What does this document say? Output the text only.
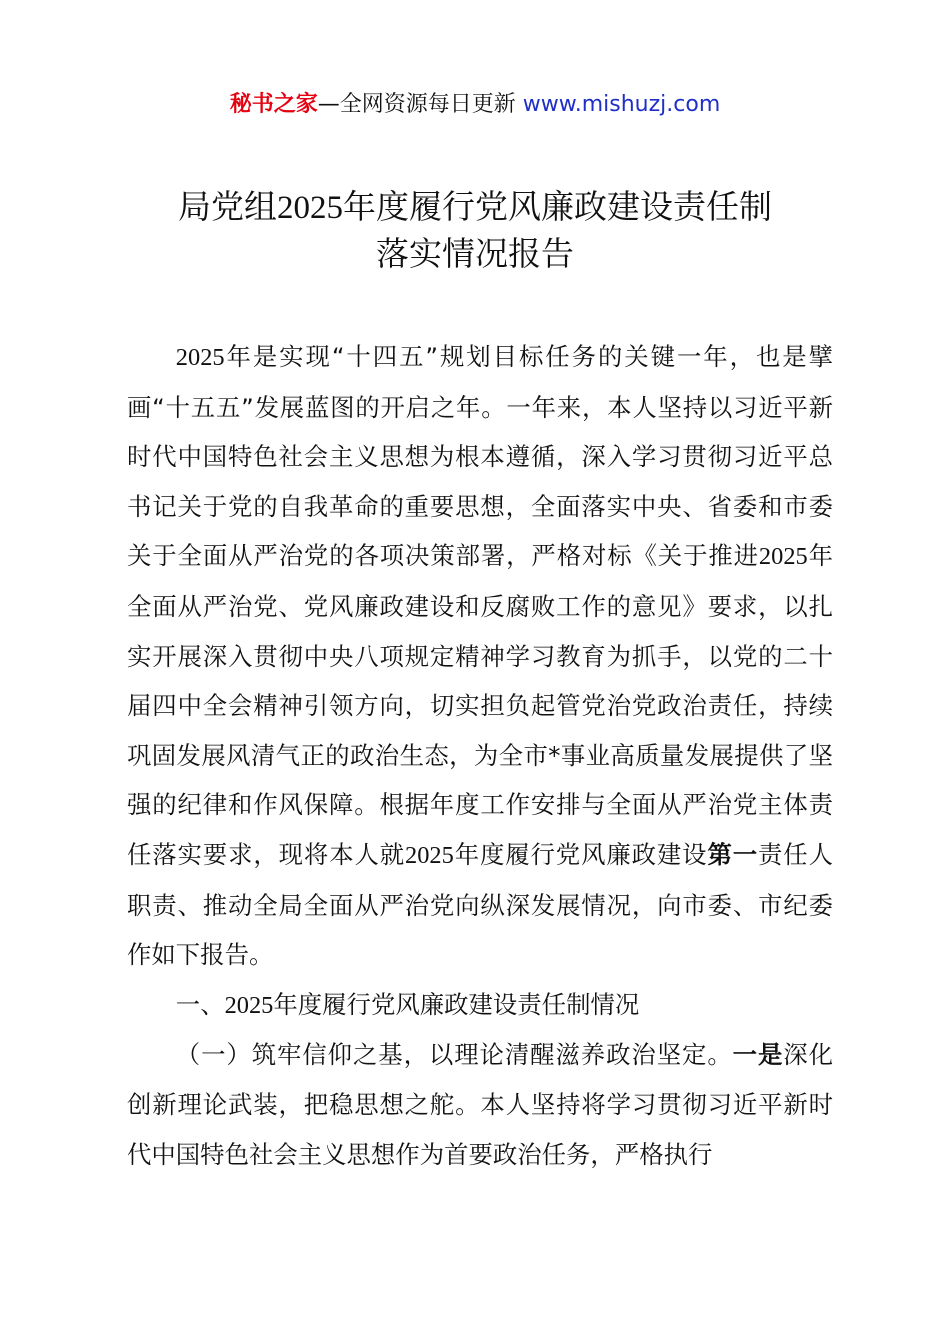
秘书之家—全网资源每日更新 www.mishuzj.com
局党组2025年度履行党风廉政建设责任制
落实情况报告

2025年是实现“十四五”规划目标任务的关键一年，也是擘画“十五五”发展蓝图的开启之年。一年来，本人坚持以习近平新时代中国特色社会主义思想为根本遵循，深入学习贯彻习近平总书记关于党的自我革命的重要思想，全面落实中央、省委和市委关于全面从严治党的各项决策部署，严格对标《关于推进2025年全面从严治党、党风廉政建设和反腐败工作的意见》要求，以扎实开展深入贯彻中央八项规定精神学习教育为抓手，以党的二十届四中全会精神引领方向，切实担负起管党治党政治责任，持续巩固发展风清气正的政治生态，为全市*事业高质量发展提供了坚强的纪律和作风保障。根据年度工作安排与全面从严治党主体责任落实要求，现将本人就2025年度履行党风廉政建设第一责任人职责、推动全局全面从严治党向纵深发展情况，向市委、市纪委作如下报告。

一、2025年度履行党风廉政建设责任制情况

（一）筑牢信仰之基，以理论清醒滋养政治坚定。一是深化创新理论武装，把稳思想之舵。本人坚持将学习贯彻习近平新时代中国特色社会主义思想作为首要政治任务，严格执行
